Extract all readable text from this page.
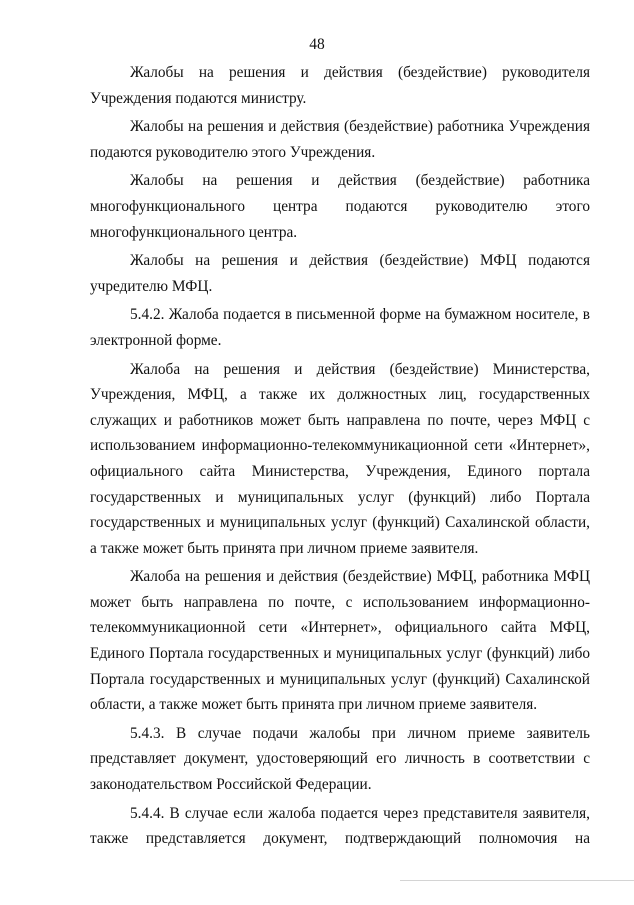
48

Жалобы на решения и действия (бездействие) руководителя Учреждения подаются министру.

Жалобы на решения и действия (бездействие) работника Учреждения подаются руководителю этого Учреждения.

Жалобы на решения и действия (бездействие) работника многофункционального центра подаются руководителю этого многофункционального центра.

Жалобы на решения и действия (бездействие) МФЦ подаются учредителю МФЦ.

5.4.2. Жалоба подается в письменной форме на бумажном носителе, в электронной форме.

Жалоба на решения и действия (бездействие) Министерства, Учреждения, МФЦ, а также их должностных лиц, государственных служащих и работников может быть направлена по почте, через МФЦ с использованием информационно-телекоммуникационной сети «Интернет», официального сайта Министерства, Учреждения, Единого портала государственных и муниципальных услуг (функций) либо Портала государственных и муниципальных услуг (функций) Сахалинской области, а также может быть принята при личном приеме заявителя.

Жалоба на решения и действия (бездействие) МФЦ, работника МФЦ может быть направлена по почте, с использованием информационно-телекоммуникационной сети «Интернет», официального сайта МФЦ, Единого Портала государственных и муниципальных услуг (функций) либо Портала государственных и муниципальных услуг (функций) Сахалинской области, а также может быть принята при личном приеме заявителя.

5.4.3. В случае подачи жалобы при личном приеме заявитель представляет документ, удостоверяющий его личность в соответствии с законодательством Российской Федерации.

5.4.4. В случае если жалоба подается через представителя заявителя, также представляется документ, подтверждающий полномочия на
